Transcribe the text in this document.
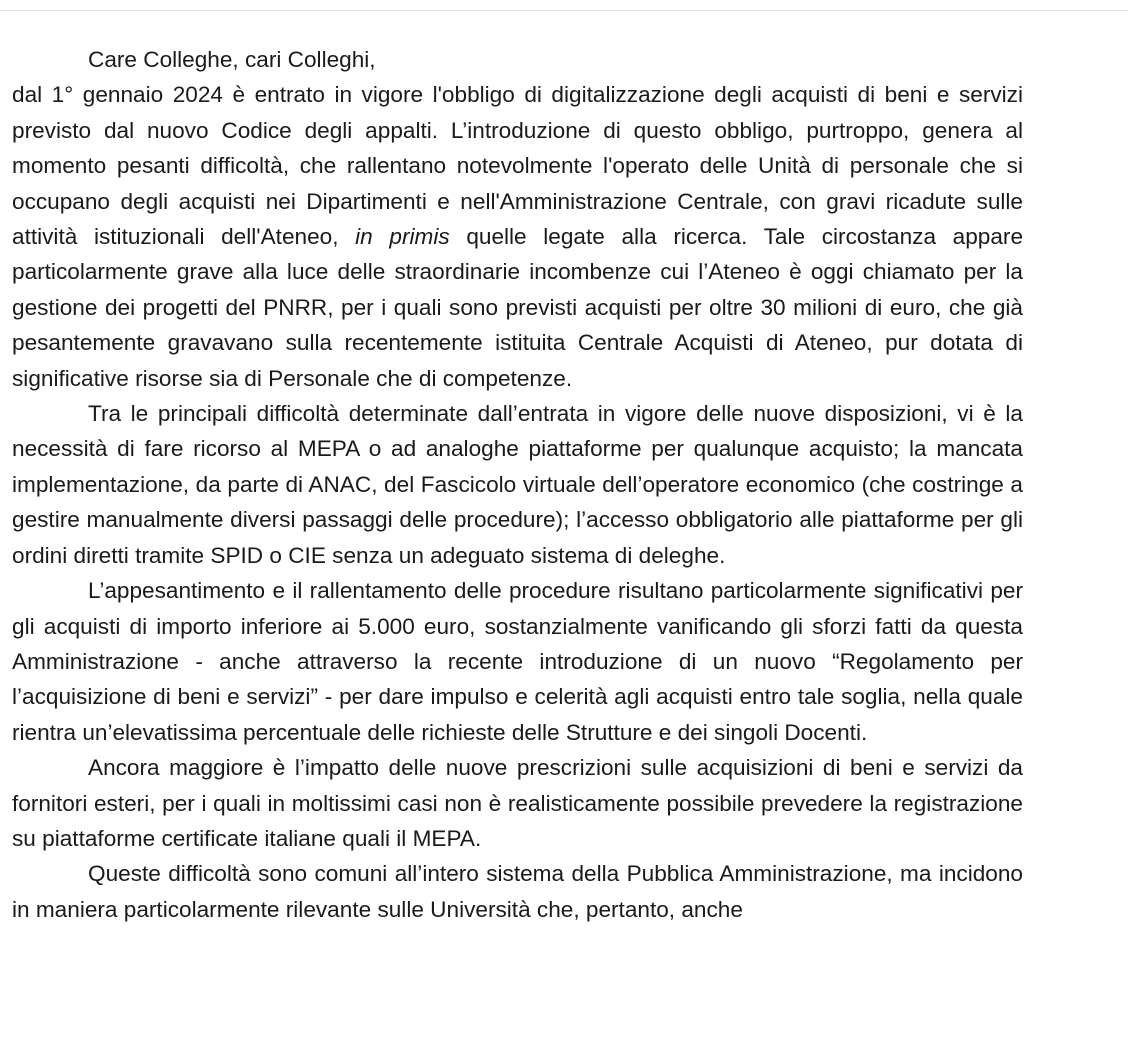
Care Colleghe, cari Colleghi,

dal 1° gennaio 2024 è entrato in vigore l'obbligo di digitalizzazione degli acquisti di beni e servizi previsto dal nuovo Codice degli appalti. L’introduzione di questo obbligo, purtroppo, genera al momento pesanti difficoltà, che rallentano notevolmente l'operato delle Unità di personale che si occupano degli acquisti nei Dipartimenti e nell'Amministrazione Centrale, con gravi ricadute sulle attività istituzionali dell'Ateneo, in primis quelle legate alla ricerca. Tale circostanza appare particolarmente grave alla luce delle straordinarie incombenze cui l’Ateneo è oggi chiamato per la gestione dei progetti del PNRR, per i quali sono previsti acquisti per oltre 30 milioni di euro, che già pesantemente gravavano sulla recentemente istituita Centrale Acquisti di Ateneo, pur dotata di significative risorse sia di Personale che di competenze.

Tra le principali difficoltà determinate dall’entrata in vigore delle nuove disposizioni, vi è la necessità di fare ricorso al MEPA o ad analoghe piattaforme per qualunque acquisto; la mancata implementazione, da parte di ANAC, del Fascicolo virtuale dell’operatore economico (che costringe a gestire manualmente diversi passaggi delle procedure); l’accesso obbligatorio alle piattaforme per gli ordini diretti tramite SPID o CIE senza un adeguato sistema di deleghe.

L’appesantimento e il rallentamento delle procedure risultano particolarmente significativi per gli acquisti di importo inferiore ai 5.000 euro, sostanzialmente vanificando gli sforzi fatti da questa Amministrazione - anche attraverso la recente introduzione di un nuovo “Regolamento per l’acquisizione di beni e servizi” - per dare impulso e celerità agli acquisti entro tale soglia, nella quale rientra un’elevatissima percentuale delle richieste delle Strutture e dei singoli Docenti.

Ancora maggiore è l’impatto delle nuove prescrizioni sulle acquisizioni di beni e servizi da fornitori esteri, per i quali in moltissimi casi non è realisticamente possibile prevedere la registrazione su piattaforme certificate italiane quali il MEPA.

Queste difficoltà sono comuni all’intero sistema della Pubblica Amministrazione, ma incidono in maniera particolarmente rilevante sulle Università che, pertanto, anche
